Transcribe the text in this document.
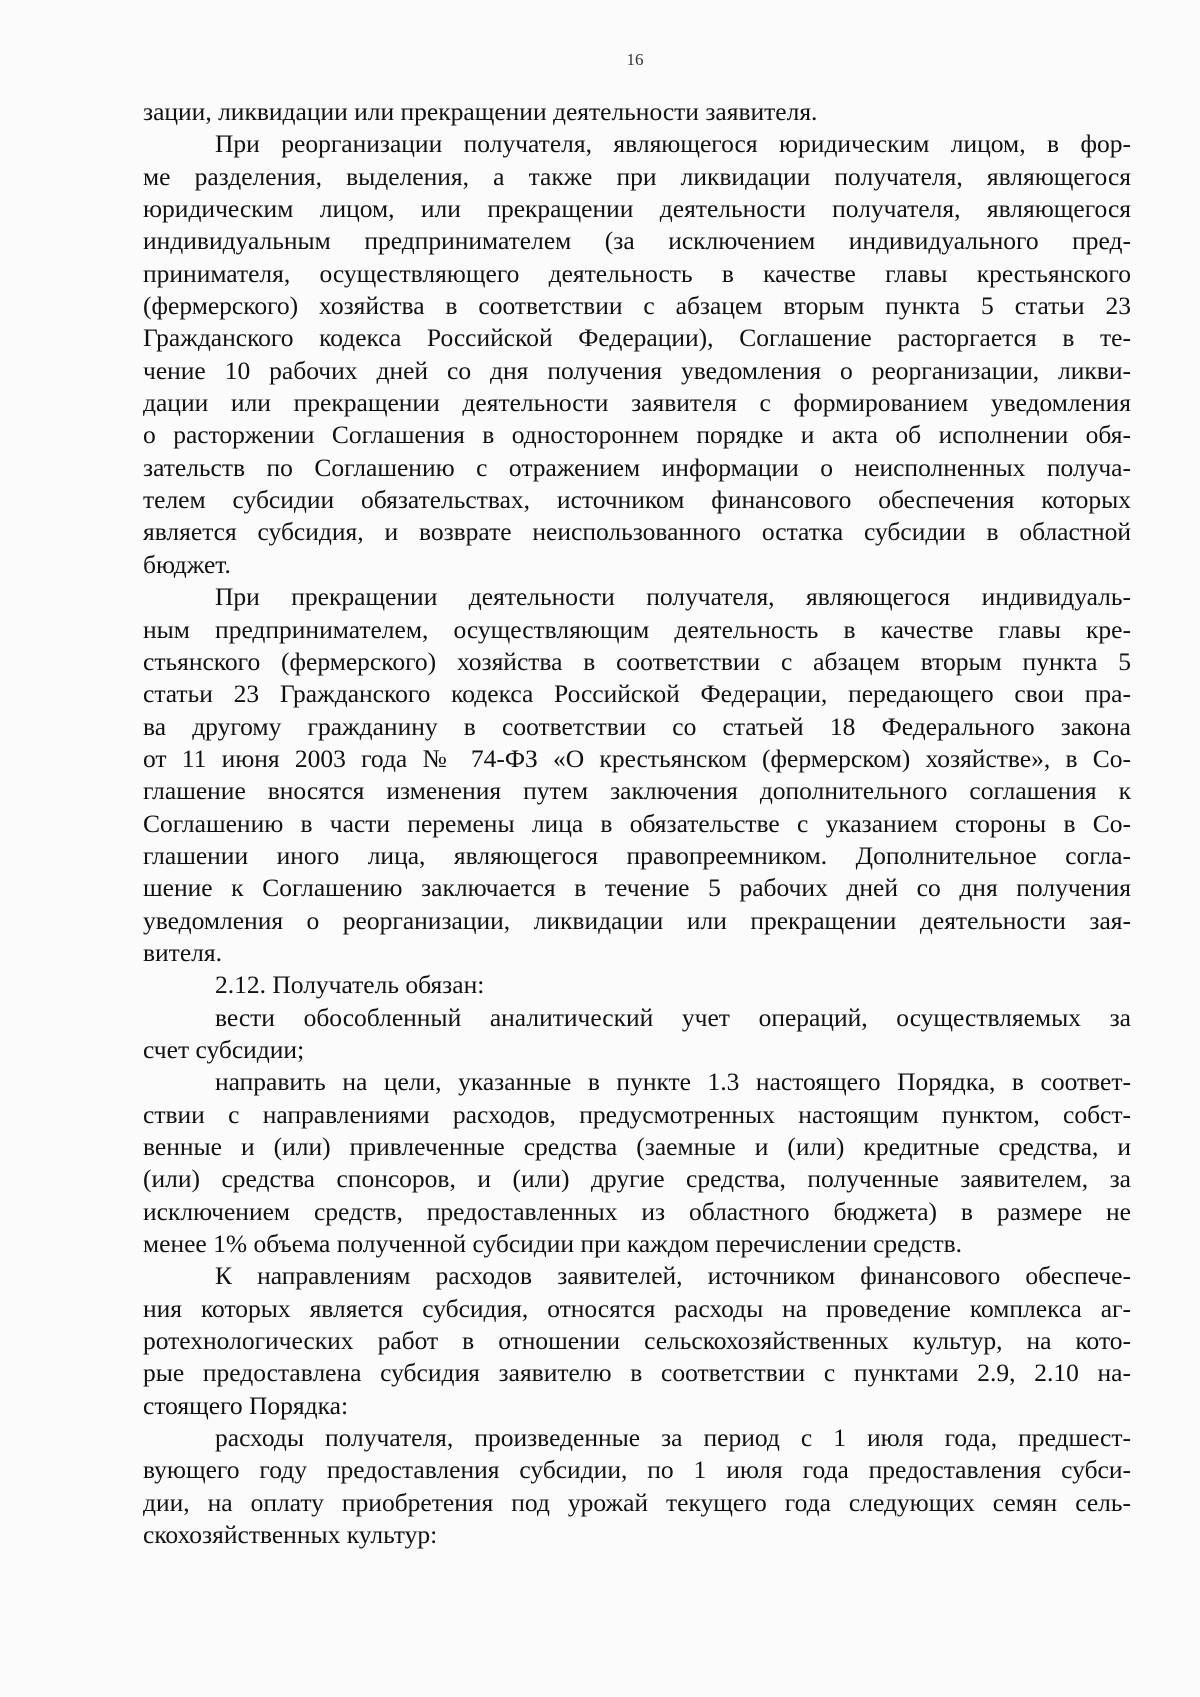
16
зации, ликвидации или прекращении деятельности заявителя.
При реорганизации получателя, являющегося юридическим лицом, в фор-
ме разделения, выделения, а также при ликвидации получателя, являющегося
юридическим лицом, или прекращении деятельности получателя, являющегося
индивидуальным предпринимателем (за исключением индивидуального пред-
принимателя, осуществляющего деятельность в качестве главы крестьянского
(фермерского) хозяйства в соответствии с абзацем вторым пункта 5 статьи 23
Гражданского кодекса Российской Федерации), Соглашение расторгается в те-
чение 10 рабочих дней со дня получения уведомления о реорганизации, ликви-
дации или прекращении деятельности заявителя с формированием уведомления
о расторжении Соглашения в одностороннем порядке и акта об исполнении обя-
зательств по Соглашению с отражением информации о неисполненных получа-
телем субсидии обязательствах, источником финансового обеспечения которых
является субсидия, и возврате неиспользованного остатка субсидии в областной
бюджет.
При прекращении деятельности получателя, являющегося индивидуаль-
ным предпринимателем, осуществляющим деятельность в качестве главы кре-
стьянского (фермерского) хозяйства в соответствии с абзацем вторым пункта 5
статьи 23 Гражданского кодекса Российской Федерации, передающего свои пра-
ва другому гражданину в соответствии со статьей 18 Федерального закона
от 11 июня 2003 года № 74-ФЗ «О крестьянском (фермерском) хозяйстве», в Со-
глашение вносятся изменения путем заключения дополнительного соглашения к
Соглашению в части перемены лица в обязательстве с указанием стороны в Со-
глашении иного лица, являющегося правопреемником. Дополнительное согла-
шение к Соглашению заключается в течение 5 рабочих дней со дня получения
уведомления о реорганизации, ликвидации или прекращении деятельности зая-
вителя.
2.12. Получатель обязан:
вести обособленный аналитический учет операций, осуществляемых за
счет субсидии;
направить на цели, указанные в пункте 1.3 настоящего Порядка, в соответ-
ствии с направлениями расходов, предусмотренных настоящим пунктом, собст-
венные и (или) привлеченные средства (заемные и (или) кредитные средства, и
(или) средства спонсоров, и (или) другие средства, полученные заявителем, за
исключением средств, предоставленных из областного бюджета) в размере не
менее 1% объема полученной субсидии при каждом перечислении средств.
К направлениям расходов заявителей, источником финансового обеспече-
ния которых является субсидия, относятся расходы на проведение комплекса аг-
ротехнологических работ в отношении сельскохозяйственных культур, на кото-
рые предоставлена субсидия заявителю в соответствии с пунктами 2.9, 2.10 на-
стоящего Порядка:
расходы получателя, произведенные за период с 1 июля года, предшест-
вующего году предоставления субсидии, по 1 июля года предоставления субси-
дии, на оплату приобретения под урожай текущего года следующих семян сель-
скохозяйственных культур:
